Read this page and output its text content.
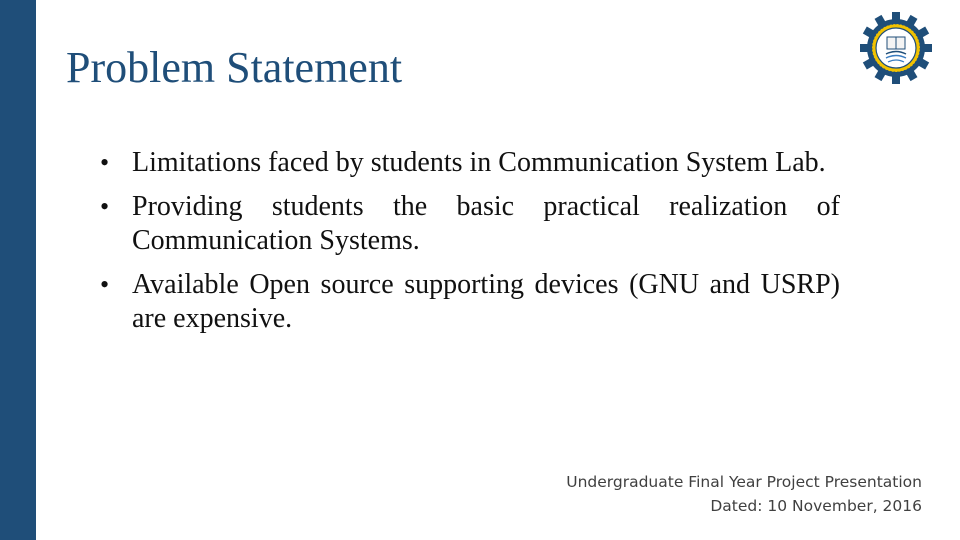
Problem Statement
• Limitations faced by students in Communication System Lab.
• Providing students the basic practical realization of Communication Systems.
• Available Open source supporting devices (GNU and USRP) are expensive.
Undergraduate Final Year Project Presentation
Dated: 10 November, 2016
